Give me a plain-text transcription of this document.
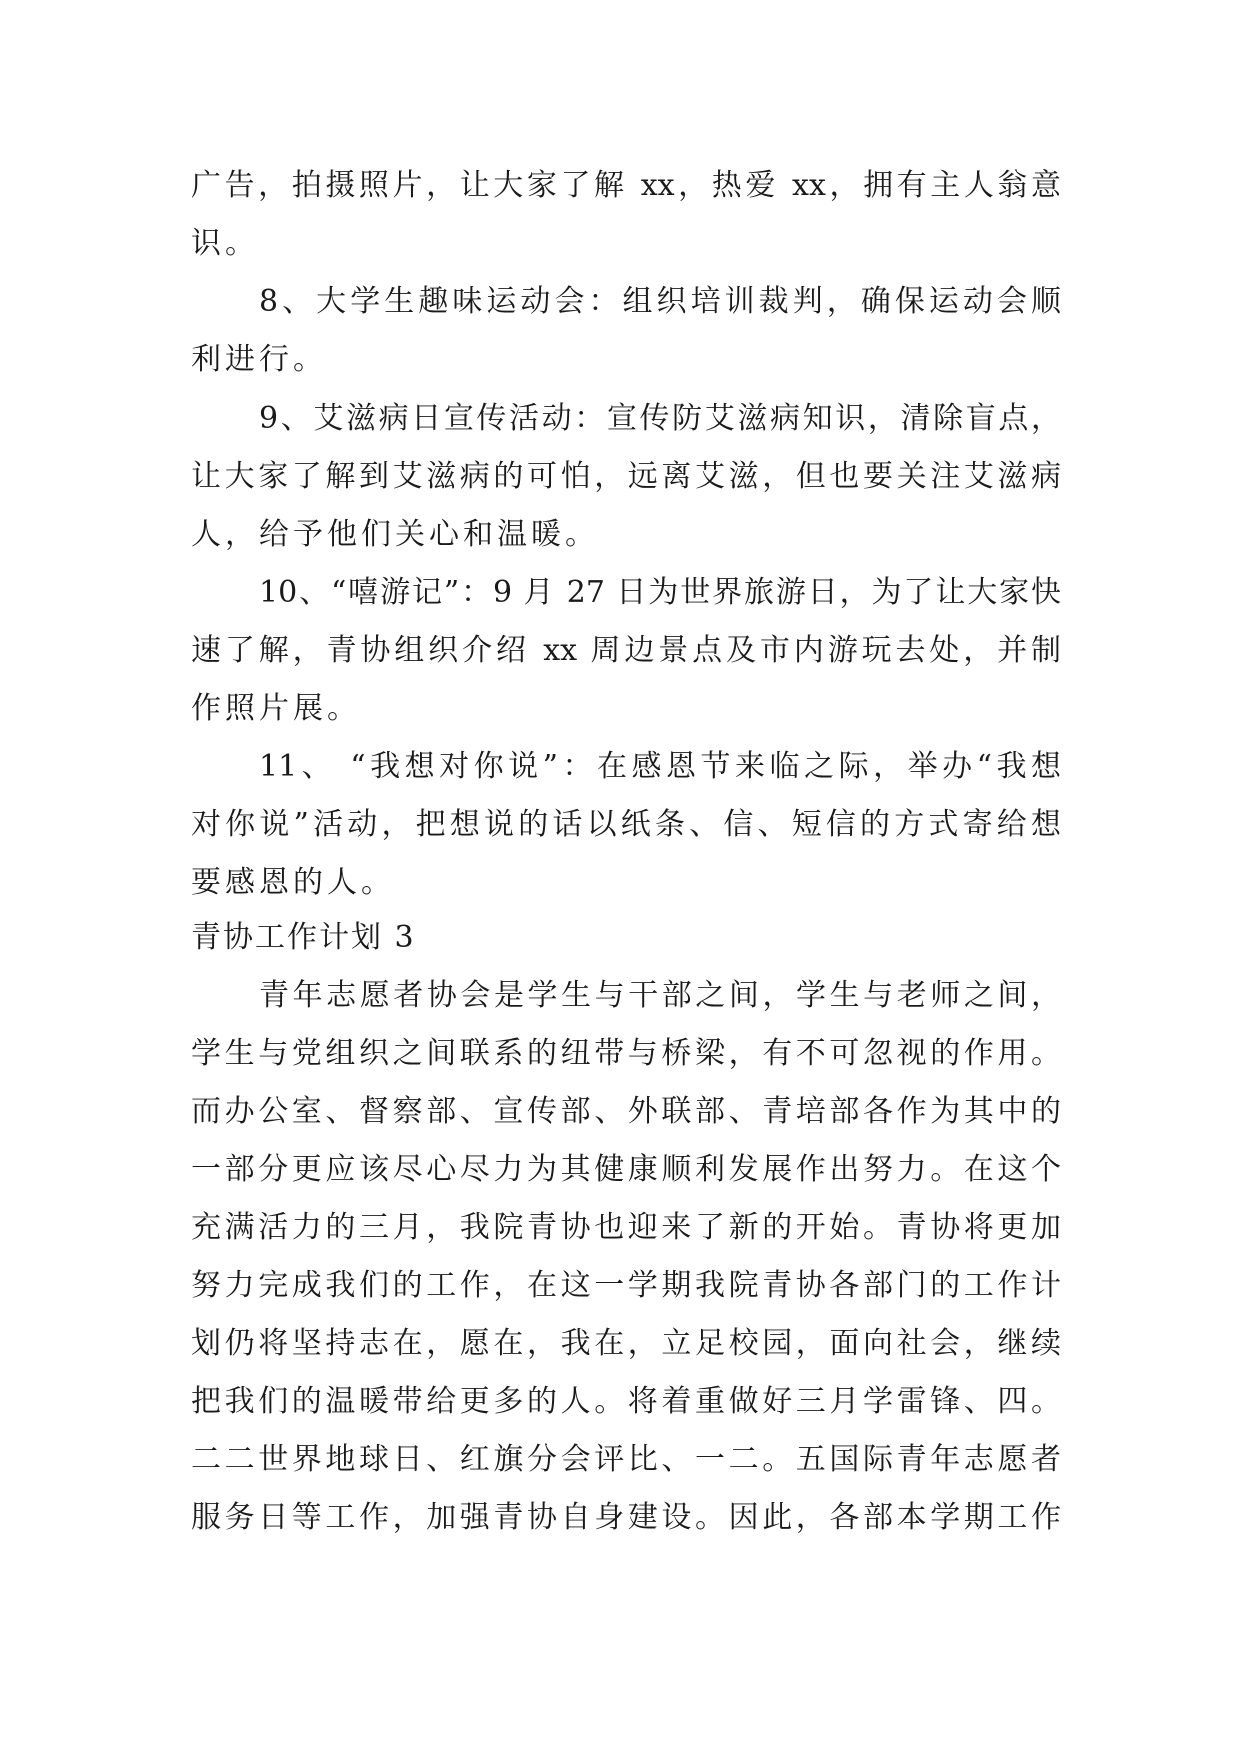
广告，拍摄照片，让大家了解 xx，热爱 xx，拥有主人翁意
识。
8、大学生趣味运动会：组织培训裁判，确保运动会顺
利进行。
9、艾滋病日宣传活动：宣传防艾滋病知识，清除盲点，
让大家了解到艾滋病的可怕，远离艾滋，但也要关注艾滋病
人，给予他们关心和温暖。
10、“嘻游记”：9 月 27 日为世界旅游日，为了让大家快
速了解，青协组织介绍 xx 周边景点及市内游玩去处，并制
作照片展。
11、 “我想对你说”：在感恩节来临之际，举办“我想
对你说”活动，把想说的话以纸条、信、短信的方式寄给想
要感恩的人。
青协工作计划 3
青年志愿者协会是学生与干部之间，学生与老师之间，
学生与党组织之间联系的纽带与桥梁，有不可忽视的作用。
而办公室、督察部、宣传部、外联部、青培部各作为其中的
一部分更应该尽心尽力为其健康顺利发展作出努力。在这个
充满活力的三月，我院青协也迎来了新的开始。青协将更加
努力完成我们的工作，在这一学期我院青协各部门的工作计
划仍将坚持志在，愿在，我在，立足校园，面向社会，继续
把我们的温暖带给更多的人。将着重做好三月学雷锋、四。
二二世界地球日、红旗分会评比、一二。五国际青年志愿者
服务日等工作，加强青协自身建设。因此，各部本学期工作
